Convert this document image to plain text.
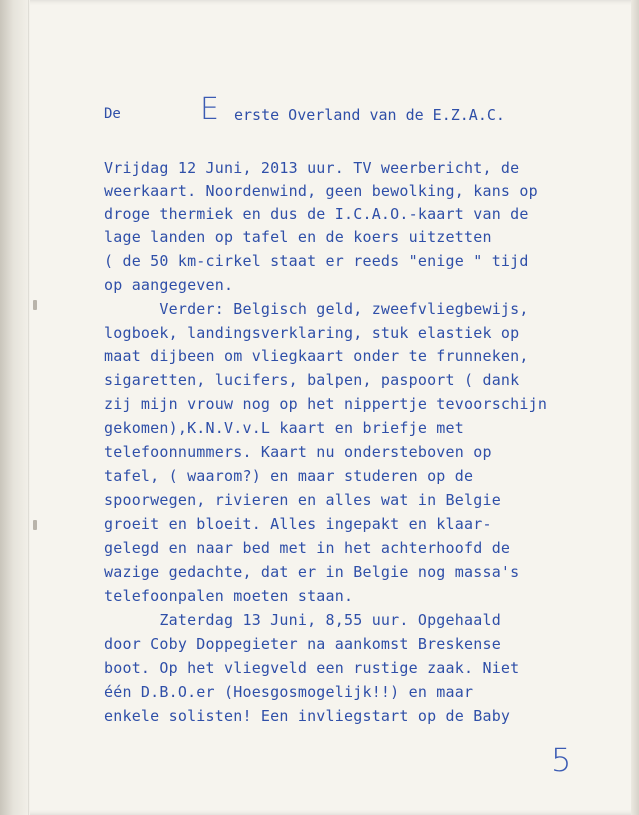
De	E erste Overland van de E.Z.A.C.
Vrijdag 12 Juni, 2013 uur. TV weerbericht, de
weerkaart. Noordenwind, geen bewolking, kans op
droge thermiek en dus de I.C.A.O.-kaart van de
lage landen op tafel en de koers uitzetten
( de 50 km-cirkel staat er reeds "enige " tijd
op aangegeven.
Verder: Belgisch geld, zweefvliegbewijs,
logboek, landingsverklaring, stuk elastiek op
maat dijbeen om vliegkaart onder te frunneken,
sigaretten, lucifers, balpen, paspoort ( dank
zij mijn vrouw nog op het nippertje tevoorschijn
gekomen),K.N.V.v.L kaart en briefje met
telefoonnummers. Kaart nu ondersteboven op
tafel, ( waarom?) en maar studeren op de
spoorwegen, rivieren en alles wat in Belgie
groeit en bloeit. Alles ingepakt en klaar-
gelegd en naar bed met in het achterhoofd de
wazige gedachte, dat er in Belgie nog massa's
telefoonpalen moeten staan.
Zaterdag 13 Juni, 8,55 uur. Opgehaald
door Coby Doppegieter na aankomst Breskense
boot. Op het vliegveld een rustige zaak. Niet
één D.B.O.er (Hoesgosmogelijk!!) en maar
enkele solisten! Een invliegstart op de Baby
5
